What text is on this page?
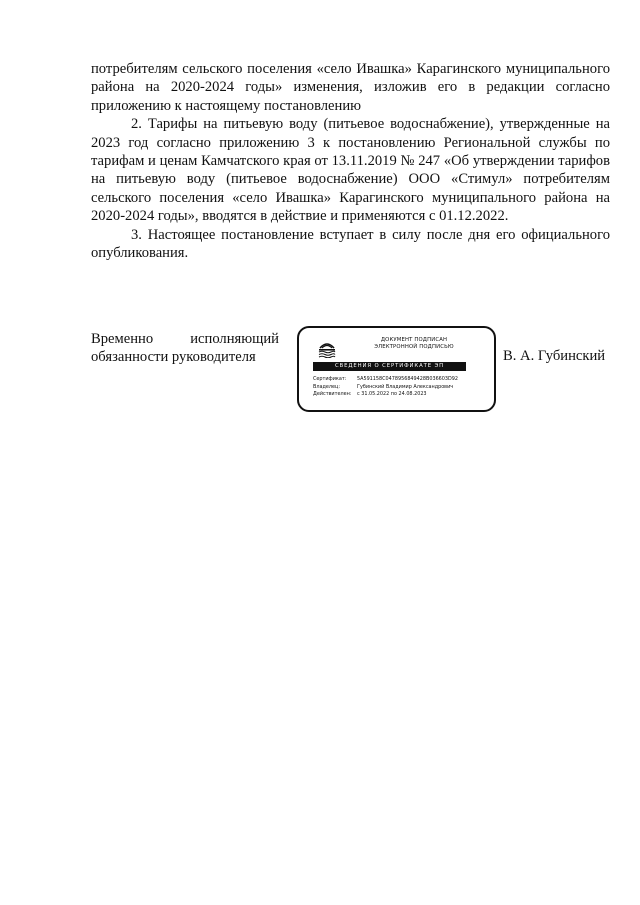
потребителям сельского поселения «село Ивашка» Карагинского муниципального района на 2020-2024 годы» изменения, изложив его в редакции согласно приложению к настоящему постановлению

2. Тарифы на питьевую воду (питьевое водоснабжение), утвержденные на 2023 год согласно приложению 3 к постановлению Региональной службы по тарифам и ценам Камчатского края от 13.11.2019 № 247 «Об утверждении тарифов на питьевую воду (питьевое водоснабжение) ООО «Стимул» потребителям сельского поселения «село Ивашка» Карагинского муниципального района на 2020-2024 годы», вводятся в действие и применяются с 01.12.2022.

3. Настоящее постановление вступает в силу после дня его официального опубликования.

Временно	исполняющий
обязанности руководителя
ДОКУМЕНТ ПОДПИСАН
ЭЛЕКТРОННОЙ ПОДПИСЬЮ
СВЕДЕНИЯ О СЕРТИФИКАТЕ ЭП
Сертификат:	5A591158C0478956849428B036603D92
Владелец:	Губинский Владимир Александрович
Действителен:	с 31.05.2022 по 24.08.2023
В. А. Губинский
